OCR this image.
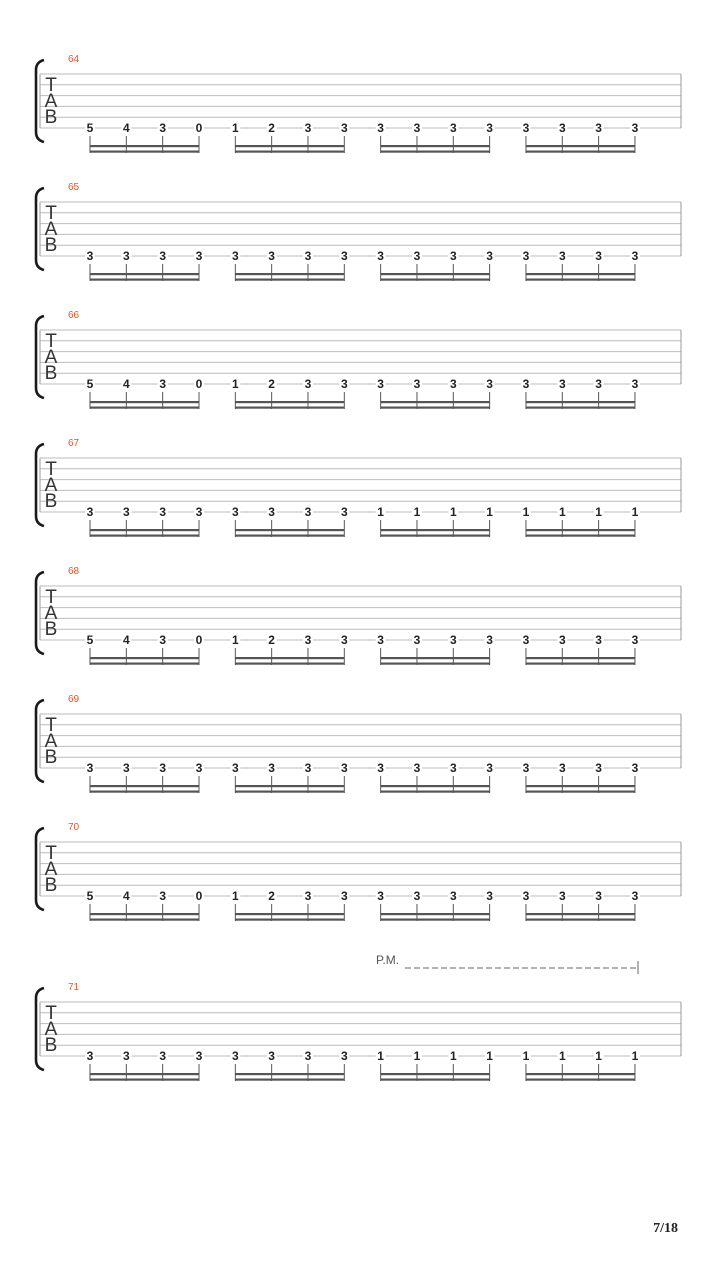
64
T
A
B 5 4 3 0 1 2 3 3 3 3 3 3 3 3 3 3
65
T
A
B 3 3 3 3 3 3 3 3 3 3 3 3 3 3 3 3
66
T
A
B 5 4 3 0 1 2 3 3 3 3 3 3 3 3 3 3
67
T
A
B 3 3 3 3 3 3 3 3 1 1 1 1 1 1 1 1
68
T
A
B 5 4 3 0 1 2 3 3 3 3 3 3 3 3 3 3
69
T
A
B 3 3 3 3 3 3 3 3 3 3 3 3 3 3 3 3
70
T
A
B 5 4 3 0 1 2 3 3 3 3 3 3 3 3 3 3
71
T
A
B 3 3 3 3 3 3 3 3 1 1 1 1 1 1 1 1
P.M.
7/18
